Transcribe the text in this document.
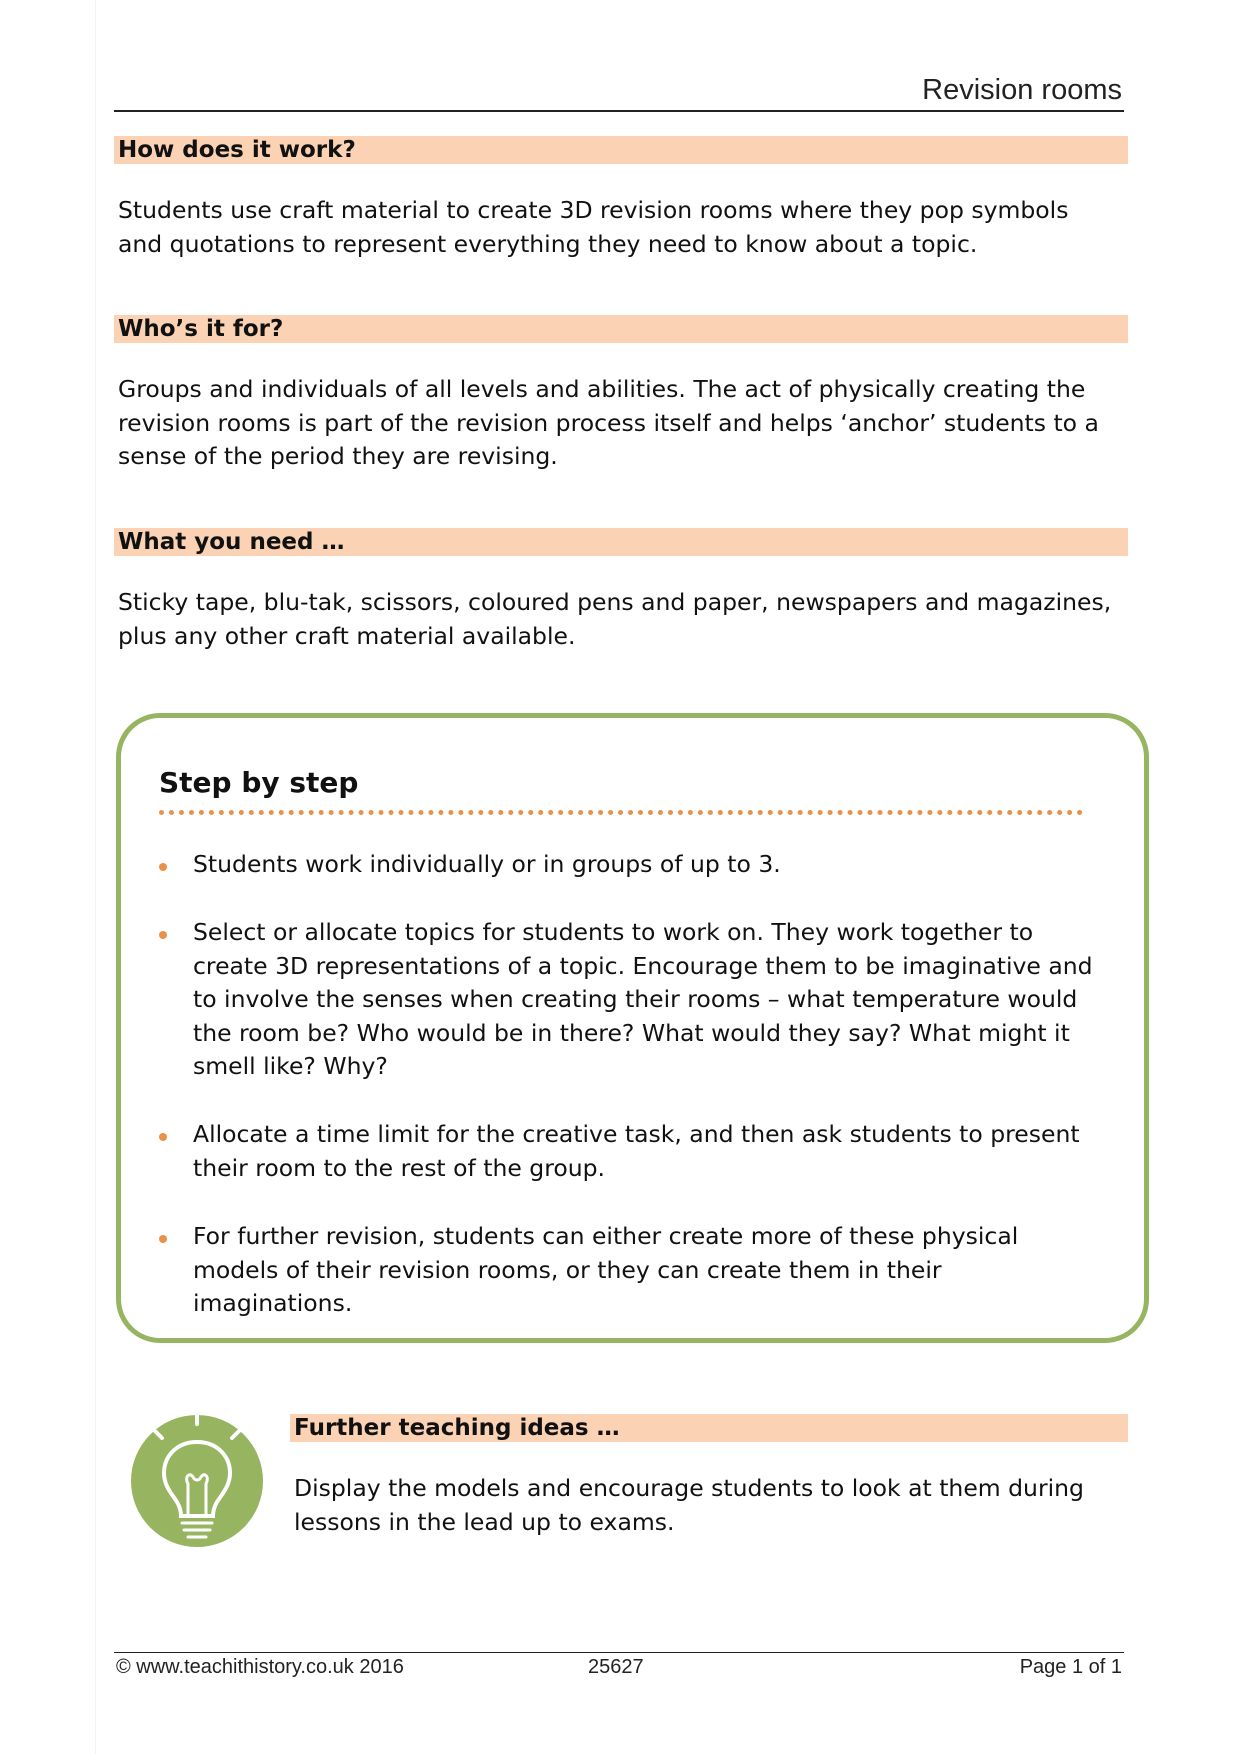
Revision rooms
How does it work?
Students use craft material to create 3D revision rooms where they pop symbols and quotations to represent everything they need to know about a topic.
Who’s it for?
Groups and individuals of all levels and abilities. The act of physically creating the revision rooms is part of the revision process itself and helps ‘anchor’ students to a sense of the period they are revising.
What you need …
Sticky tape, blu-tak, scissors, coloured pens and paper, newspapers and magazines, plus any other craft material available.
Step by step
Students work individually or in groups of up to 3.
Select or allocate topics for students to work on. They work together to create 3D representations of a topic. Encourage them to be imaginative and to involve the senses when creating their rooms – what temperature would the room be? Who would be in there? What would they say? What might it smell like? Why?
Allocate a time limit for the creative task, and then ask students to present their room to the rest of the group.
For further revision, students can either create more of these physical models of their revision rooms, or they can create them in their imaginations.
Further teaching ideas …
Display the models and encourage students to look at them during lessons in the lead up to exams.
© www.teachithistory.co.uk 2016	25627	Page 1 of 1
